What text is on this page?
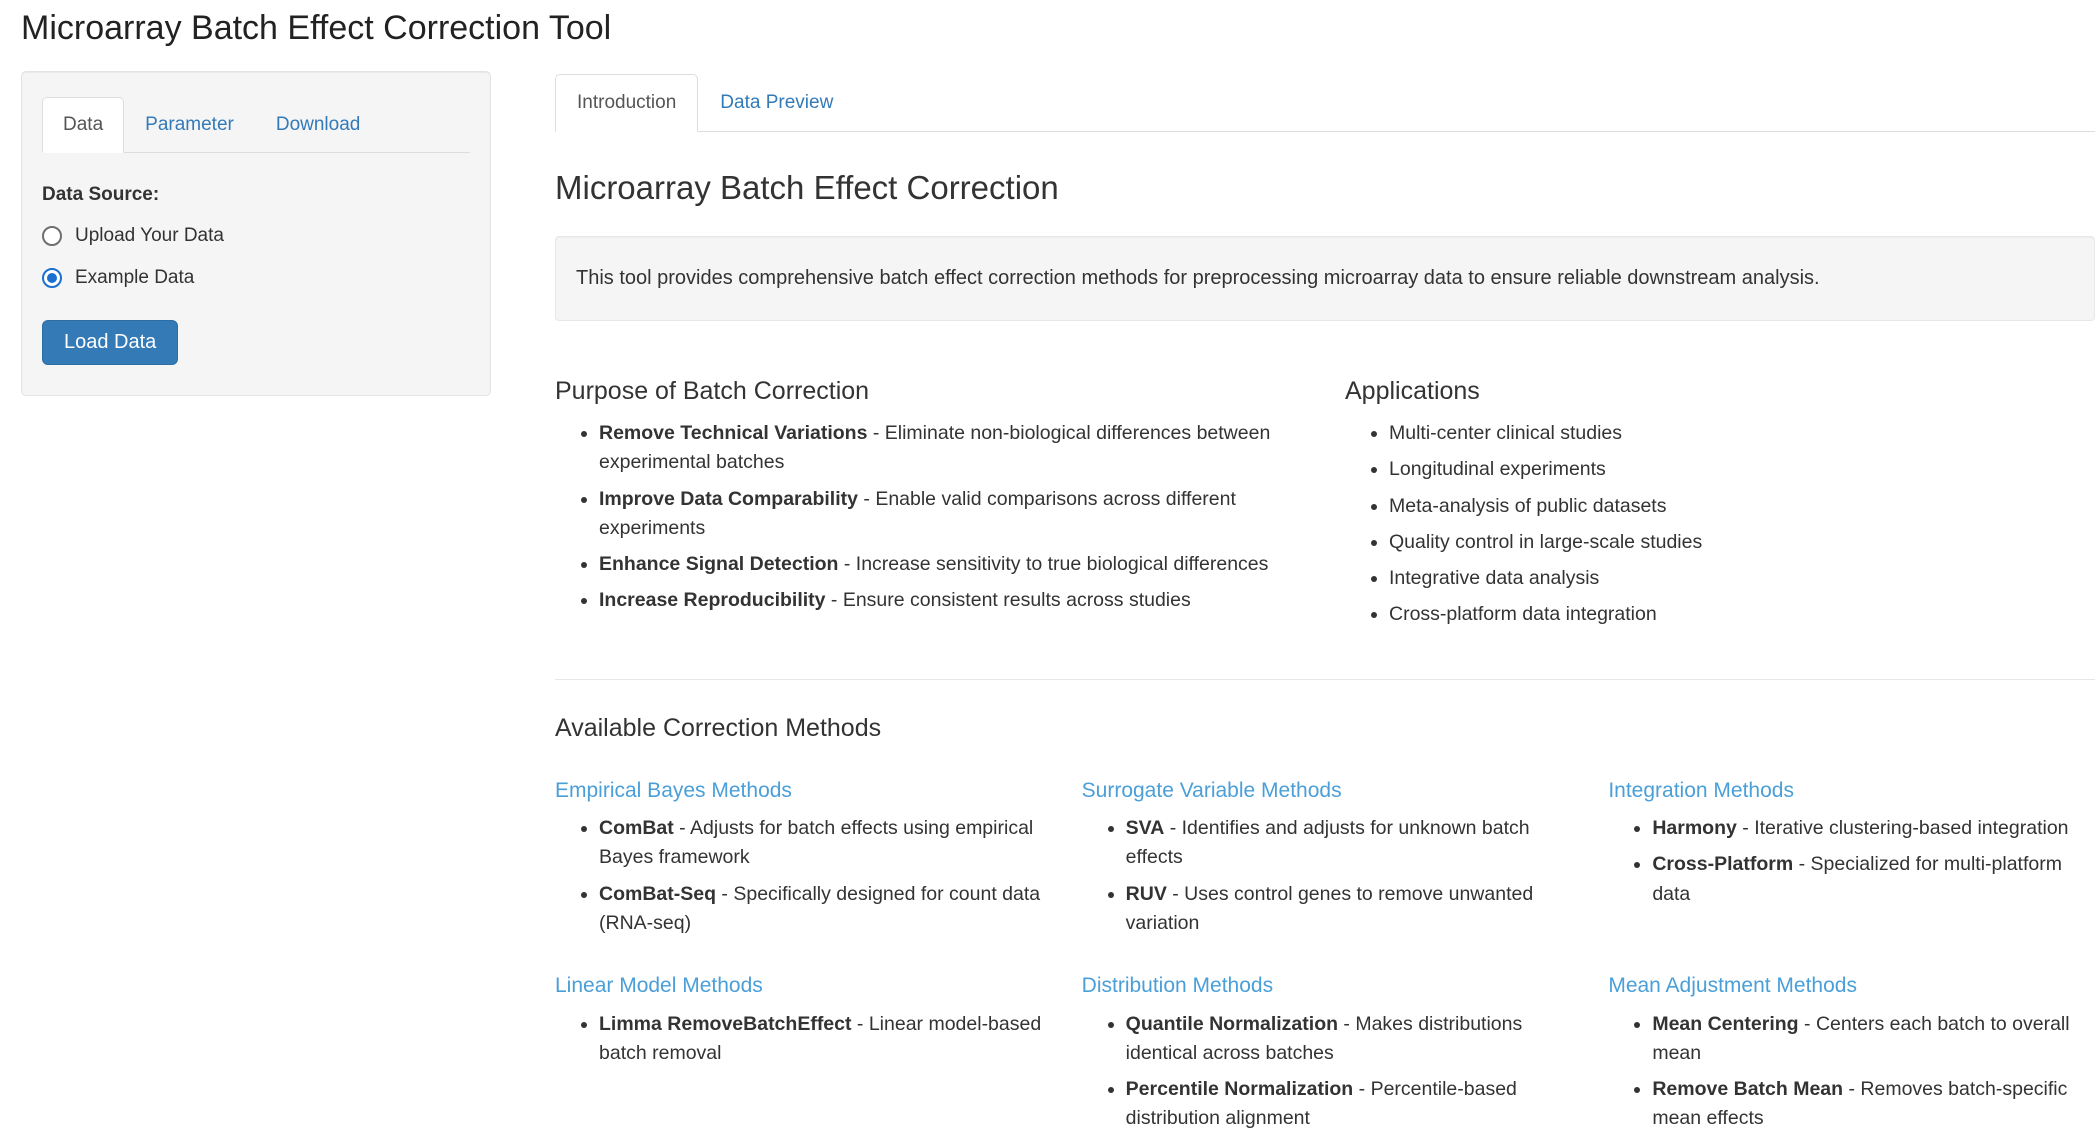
Microarray Batch Effect Correction Tool
Data	Parameter	Download
Data Source:
Upload Your Data
Example Data
Load Data
Introduction	Data Preview
Microarray Batch Effect Correction
This tool provides comprehensive batch effect correction methods for preprocessing microarray data to ensure reliable downstream analysis.
Purpose of Batch Correction
• Remove Technical Variations - Eliminate non-biological differences between experimental batches
• Improve Data Comparability - Enable valid comparisons across different experiments
• Enhance Signal Detection - Increase sensitivity to true biological differences
• Increase Reproducibility - Ensure consistent results across studies
Applications
• Multi-center clinical studies
• Longitudinal experiments
• Meta-analysis of public datasets
• Quality control in large-scale studies
• Integrative data analysis
• Cross-platform data integration
Available Correction Methods
Empirical Bayes Methods
• ComBat - Adjusts for batch effects using empirical Bayes framework
• ComBat-Seq - Specifically designed for count data (RNA-seq)
Surrogate Variable Methods
• SVA - Identifies and adjusts for unknown batch effects
• RUV - Uses control genes to remove unwanted variation
Integration Methods
• Harmony - Iterative clustering-based integration
• Cross-Platform - Specialized for multi-platform data
Linear Model Methods
• Limma RemoveBatchEffect - Linear model-based batch removal
Distribution Methods
• Quantile Normalization - Makes distributions identical across batches
• Percentile Normalization - Percentile-based distribution alignment
Mean Adjustment Methods
• Mean Centering - Centers each batch to overall mean
• Remove Batch Mean - Removes batch-specific mean effects
